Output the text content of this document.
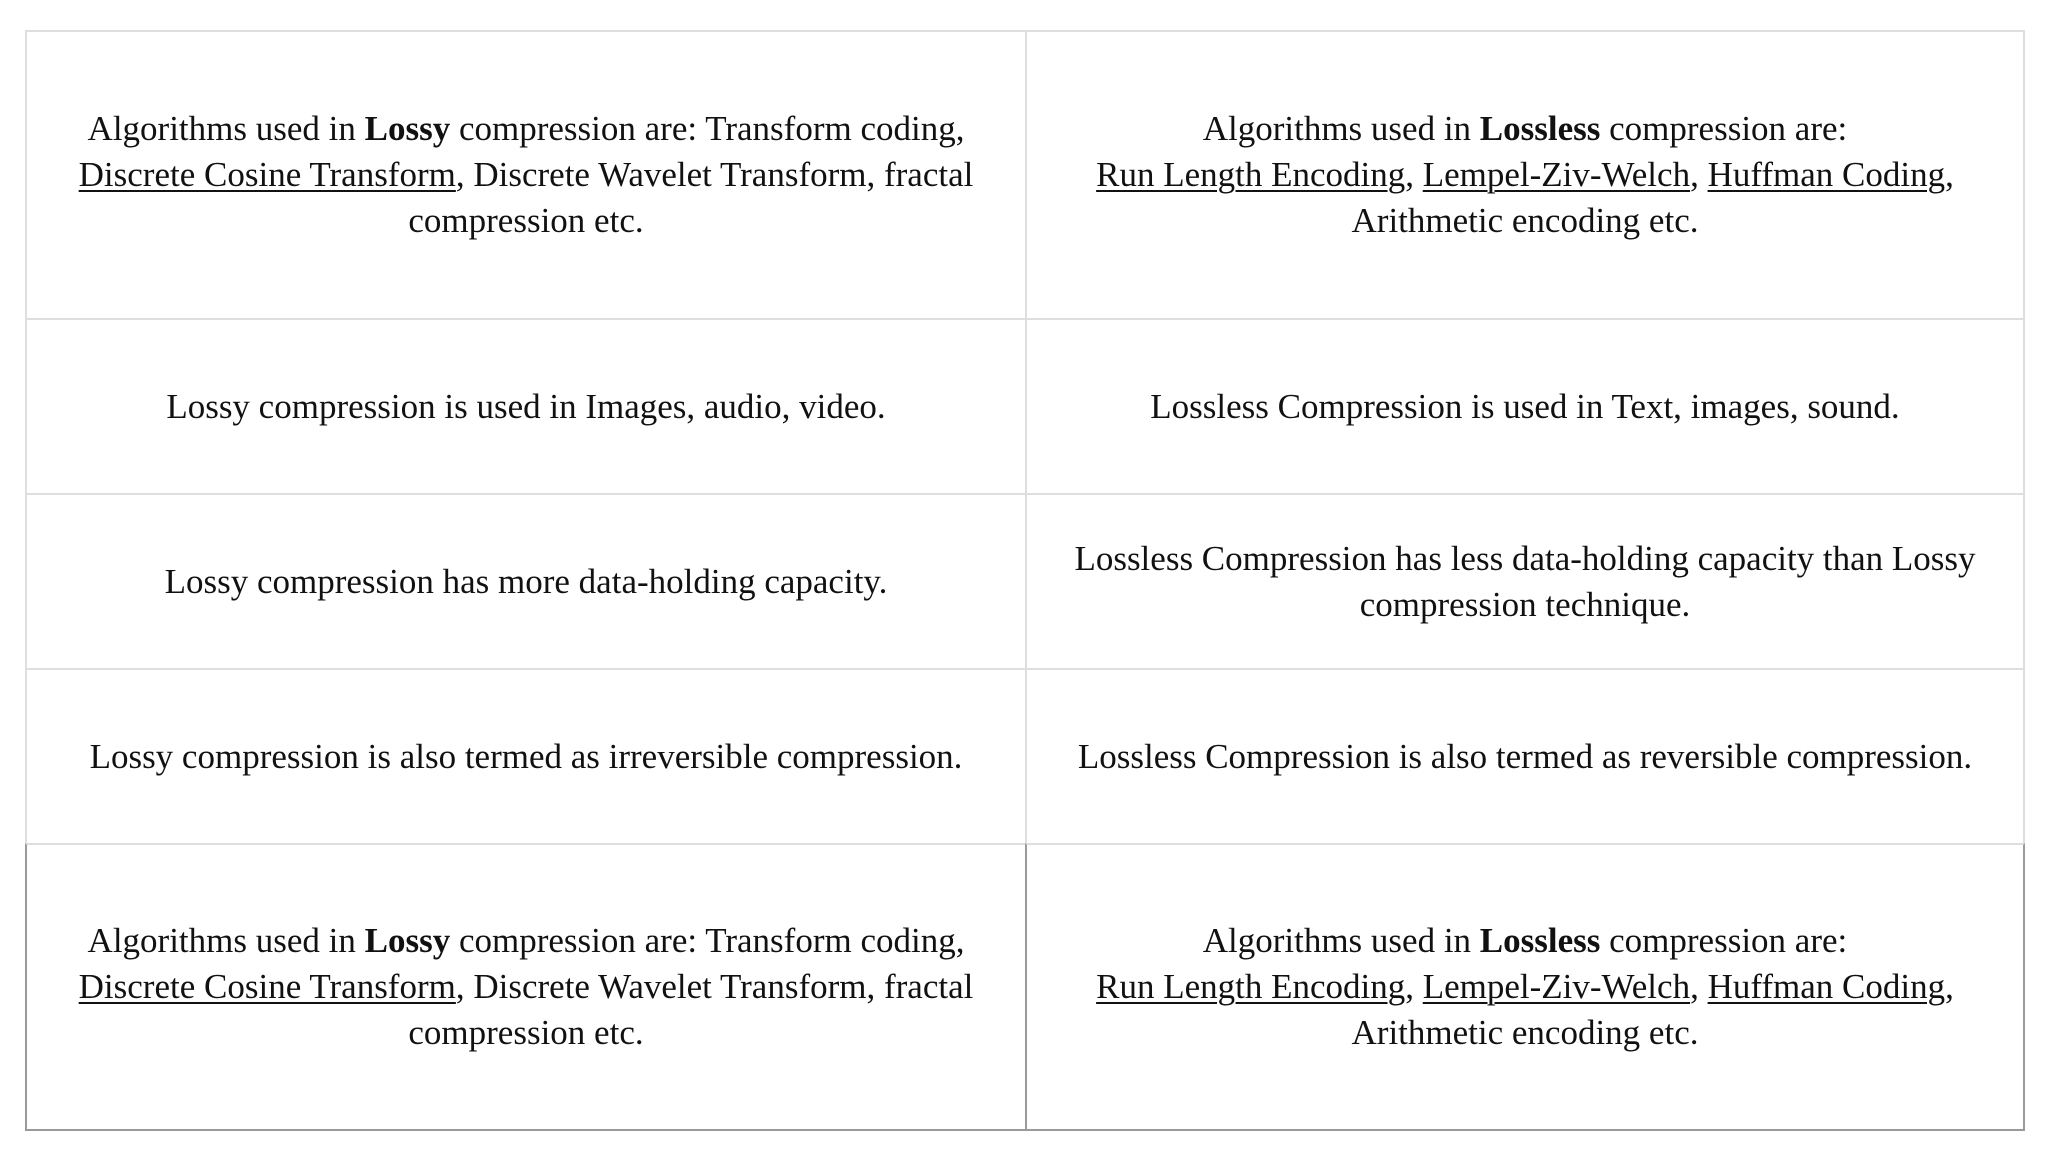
Algorithms used in Lossy compression are: Transform coding, Discrete Cosine Transform, Discrete Wavelet Transform, fractal compression etc.
Algorithms used in Lossless compression are:
Run Length Encoding, Lempel-Ziv-Welch, Huffman Coding, Arithmetic encoding etc.
Lossy compression is used in Images, audio, video.	Lossless Compression is used in Text, images, sound.
Lossy compression has more data-holding capacity.
Lossless Compression has less data-holding capacity than Lossy compression technique.
Lossy compression is also termed as irreversible compression.	Lossless Compression is also termed as reversible compression.
Algorithms used in Lossy compression are: Transform coding, Discrete Cosine Transform, Discrete Wavelet Transform, fractal compression etc.
Algorithms used in Lossless compression are:
Run Length Encoding, Lempel-Ziv-Welch, Huffman Coding, Arithmetic encoding etc.
